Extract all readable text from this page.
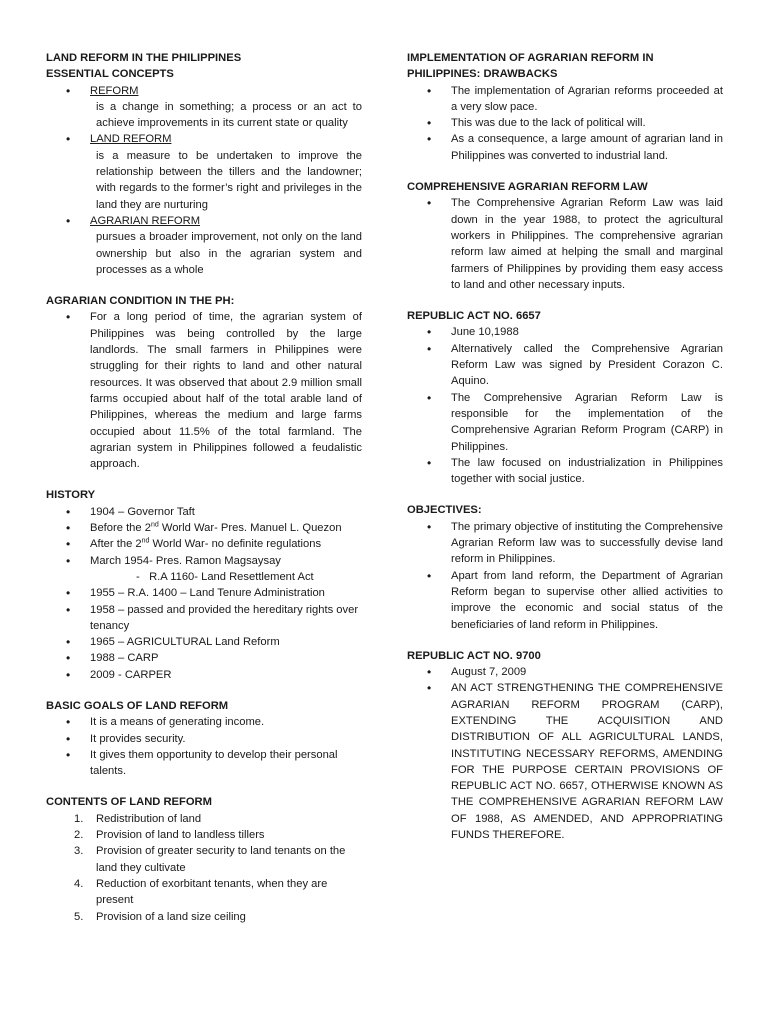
LAND REFORM IN THE PHILIPPINES

ESSENTIAL CONCEPTS

• REFORM
is a change in something; a process or an act to achieve improvements in its current state or quality
• LAND REFORM
is a measure to be undertaken to improve the relationship between the tillers and the landowner; with regards to the former’s right and privileges in the land they are nurturing
• AGRARIAN REFORM
pursues a broader improvement, not only on the land ownership but also in the agrarian system and processes as a whole

AGRARIAN CONDITION IN THE PH:

• For a long period of time, the agrarian system of Philippines was being controlled by the large landlords. The small farmers in Philippines were struggling for their rights to land and other natural resources. It was observed that about 2.9 million small farms occupied about half of the total arable land of Philippines, whereas the medium and large farms occupied about 11.5% of the total farmland. The agrarian system in Philippines followed a feudalistic approach.

HISTORY

• 1904 – Governor Taft
• Before the 2nd World War- Pres. Manuel L. Quezon
• After the 2nd World War- no definite regulations
• March 1954- Pres. Ramon Magsaysay
- R.A 1160- Land Resettlement Act
• 1955 – R.A. 1400 – Land Tenure Administration
• 1958 – passed and provided the hereditary rights over tenancy
• 1965 – AGRICULTURAL Land Reform
• 1988 – CARP
• 2009 - CARPER

BASIC GOALS OF LAND REFORM

• It is a means of generating income.
• It provides security.
• It gives them opportunity to develop their personal talents.

CONTENTS OF LAND REFORM

1. Redistribution of land
2. Provision of land to landless tillers
3. Provision of greater security to land tenants on the land they cultivate
4. Reduction of exorbitant tenants, when they are present
5. Provision of a land size ceiling

IMPLEMENTATION OF AGRARIAN REFORM IN PHILIPPINES: DRAWBACKS

• The implementation of Agrarian reforms proceeded at a very slow pace.
• This was due to the lack of political will.
• As a consequence, a large amount of agrarian land in Philippines was converted to industrial land.

COMPREHENSIVE AGRARIAN REFORM LAW

• The Comprehensive Agrarian Reform Law was laid down in the year 1988, to protect the agricultural workers in Philippines. The comprehensive agrarian reform law aimed at helping the small and marginal farmers of Philippines by providing them easy access to land and other necessary inputs.

REPUBLIC ACT NO. 6657

• June 10,1988
• Alternatively called the Comprehensive Agrarian Reform Law was signed by President Corazon C. Aquino.
• The Comprehensive Agrarian Reform Law is responsible for the implementation of the Comprehensive Agrarian Reform Program (CARP) in Philippines.
• The law focused on industrialization in Philippines together with social justice.

OBJECTIVES:

• The primary objective of instituting the Comprehensive Agrarian Reform law was to successfully devise land reform in Philippines.
• Apart from land reform, the Department of Agrarian Reform began to supervise other allied activities to improve the economic and social status of the beneficiaries of land reform in Philippines.

REPUBLIC ACT NO. 9700

• August 7, 2009
• AN ACT STRENGTHENING THE COMPREHENSIVE AGRARIAN REFORM PROGRAM (CARP), EXTENDING THE ACQUISITION AND DISTRIBUTION OF ALL AGRICULTURAL LANDS, INSTITUTING NECESSARY REFORMS, AMENDING FOR THE PURPOSE CERTAIN PROVISIONS OF REPUBLIC ACT NO. 6657, OTHERWISE KNOWN AS THE COMPREHENSIVE AGRARIAN REFORM LAW OF 1988, AS AMENDED, AND APPROPRIATING FUNDS THEREFORE.
